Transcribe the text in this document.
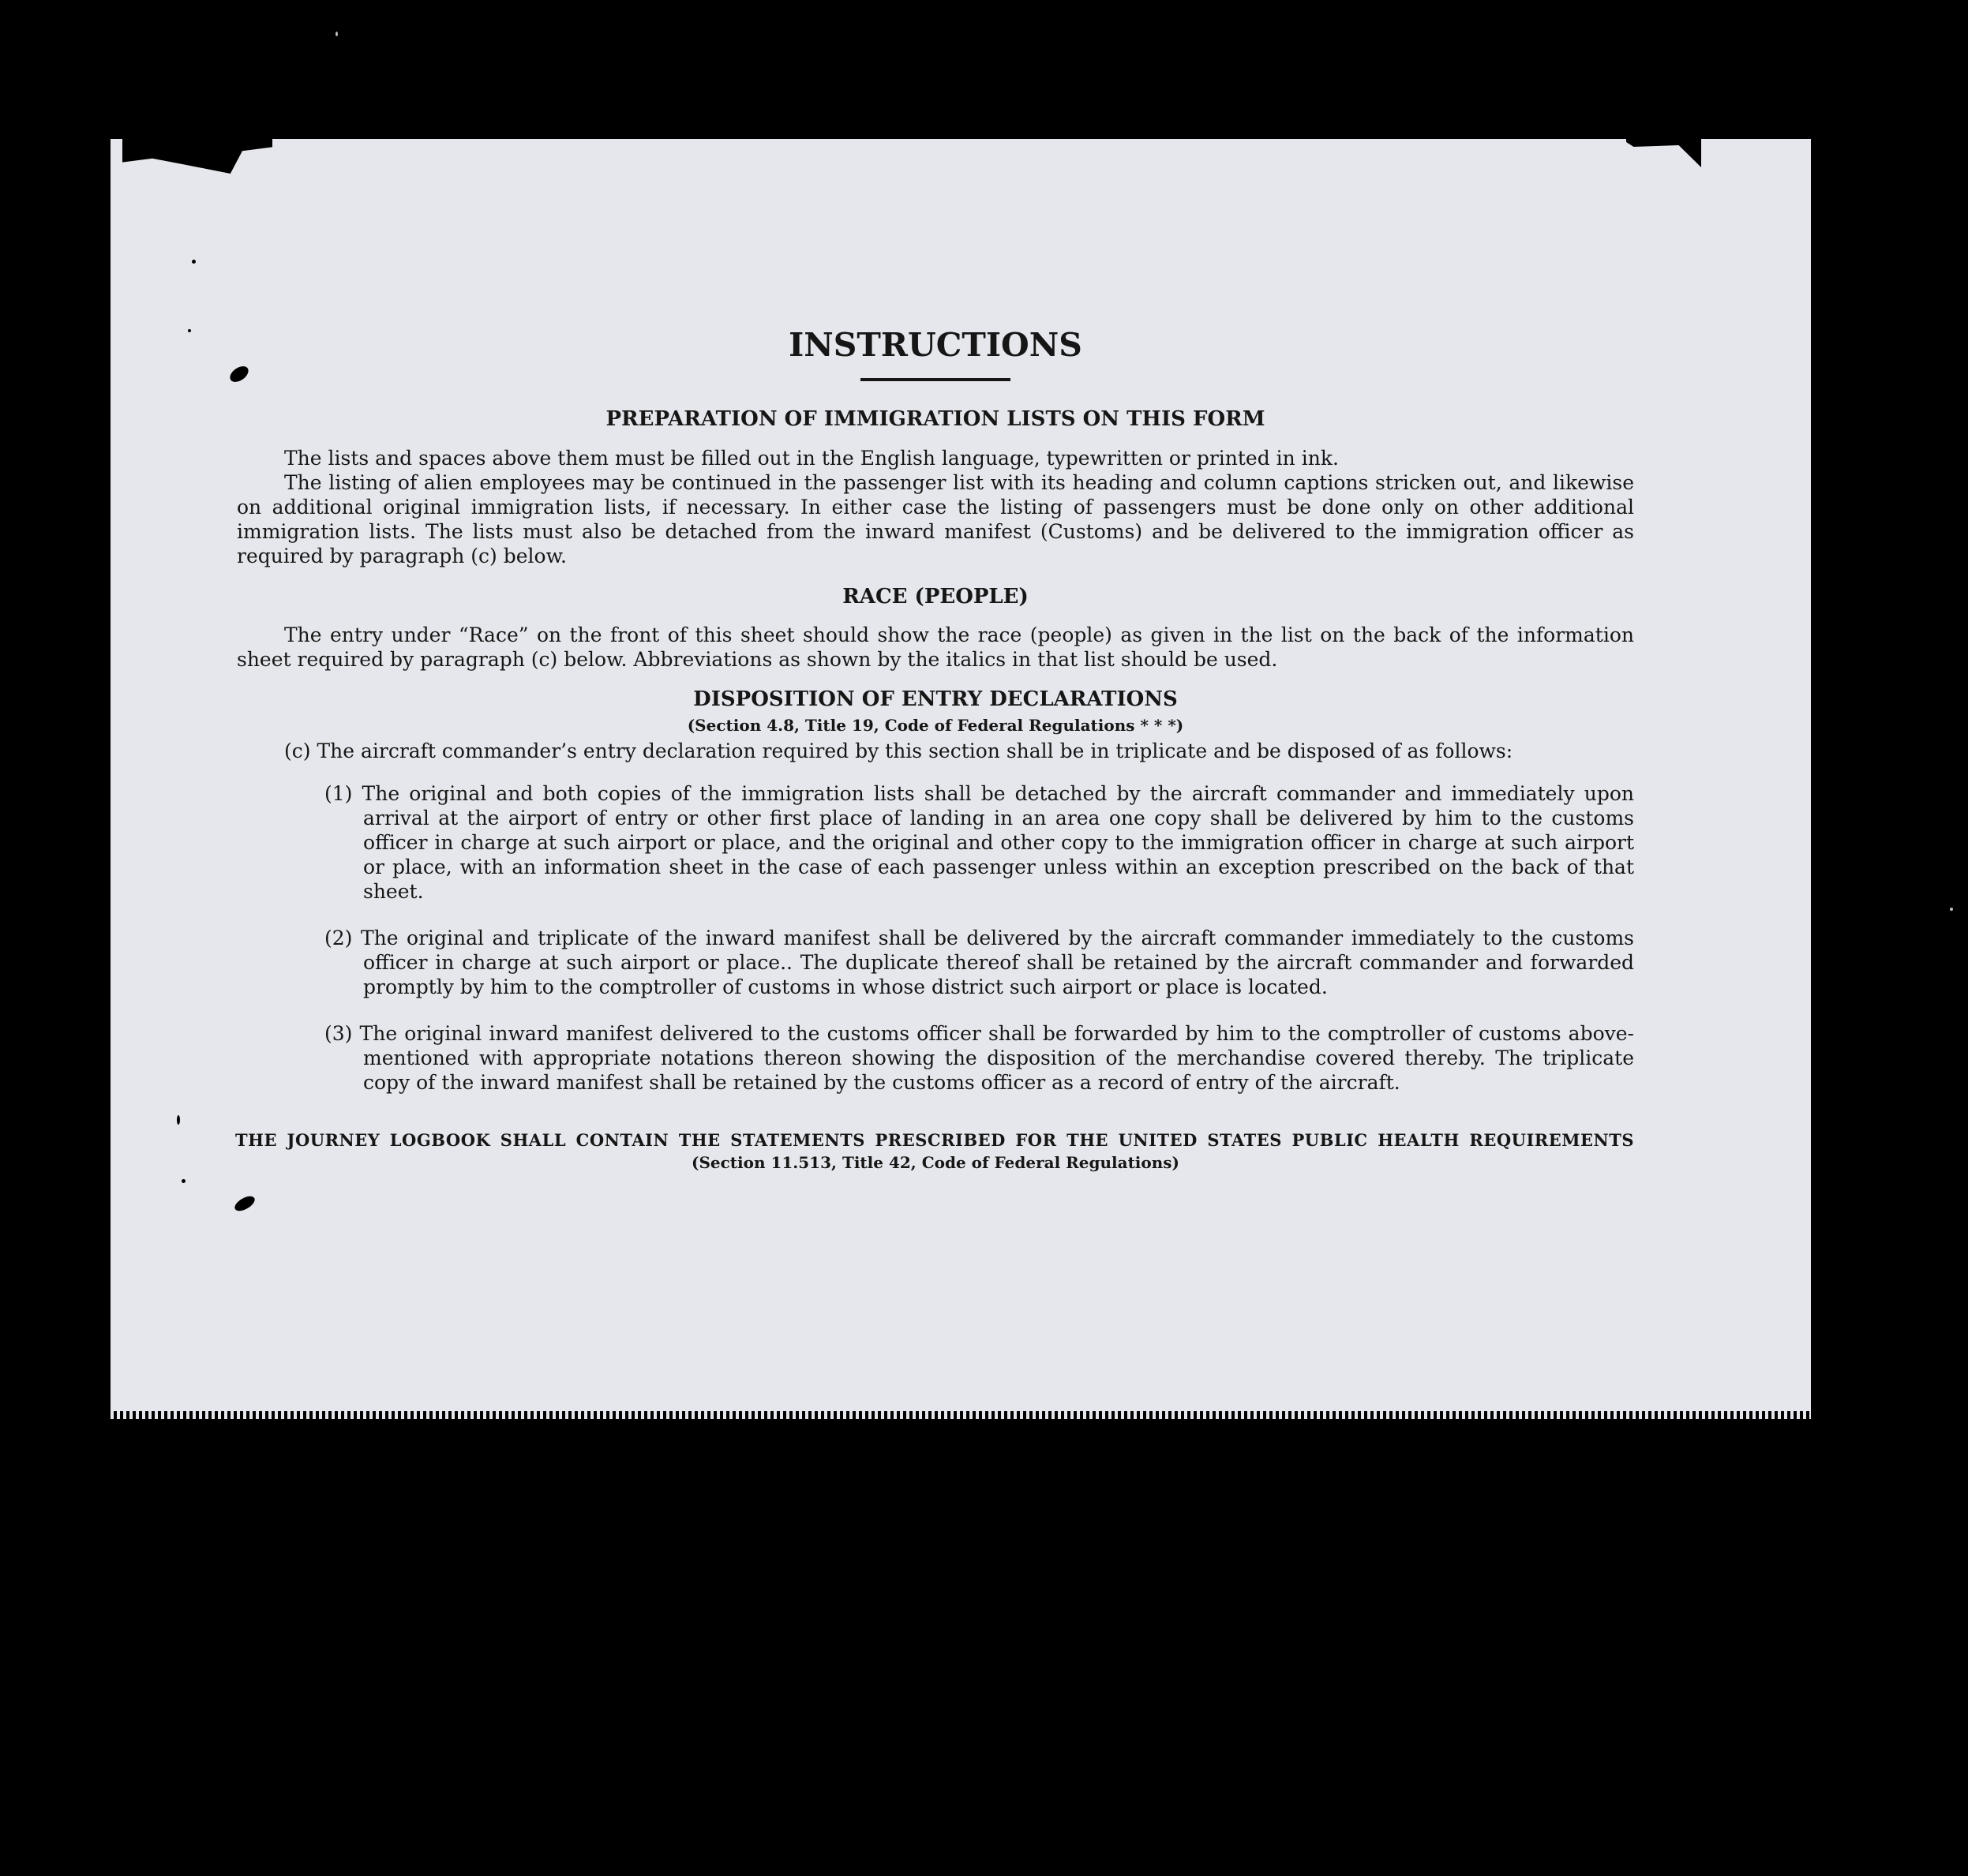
INSTRUCTIONS
PREPARATION OF IMMIGRATION LISTS ON THIS FORM

The lists and spaces above them must be filled out in the English language, typewritten or printed in ink.

The listing of alien employees may be continued in the passenger list with its heading and column captions stricken out, and likewise on additional original immigration lists, if necessary. In either case the listing of passengers must be done only on other additional immigration lists. The lists must also be detached from the inward manifest (Customs) and be delivered to the immigration officer as required by paragraph (c) below.

RACE (PEOPLE)

The entry under “Race” on the front of this sheet should show the race (people) as given in the list on the back of the information sheet required by paragraph (c) below. Abbreviations as shown by the italics in that list should be used.

DISPOSITION OF ENTRY DECLARATIONS

(Section 4.8, Title 19, Code of Federal Regulations * * *)

(c) The aircraft commander’s entry declaration required by this section shall be in triplicate and be disposed of as follows:

(1) The original and both copies of the immigration lists shall be detached by the aircraft commander and immediately upon arrival at the airport of entry or other first place of landing in an area one copy shall be delivered by him to the customs officer in charge at such airport or place, and the original and other copy to the immigration officer in charge at such airport or place, with an information sheet in the case of each passenger unless within an exception prescribed on the back of that sheet.

(2) The original and triplicate of the inward manifest shall be delivered by the aircraft commander immediately to the customs officer in charge at such airport or place.. The duplicate thereof shall be retained by the aircraft commander and forwarded promptly by him to the comptroller of customs in whose district such airport or place is located.

(3) The original inward manifest delivered to the customs officer shall be forwarded by him to the comptroller of customs above-mentioned with appropriate notations thereon showing the disposition of the merchandise covered thereby. The triplicate copy of the inward manifest shall be retained by the customs officer as a record of entry of the aircraft.

THE JOURNEY LOGBOOK SHALL CONTAIN THE STATEMENTS PRESCRIBED FOR THE UNITED STATES PUBLIC HEALTH REQUIREMENTS

(Section 11.513, Title 42, Code of Federal Regulations)
